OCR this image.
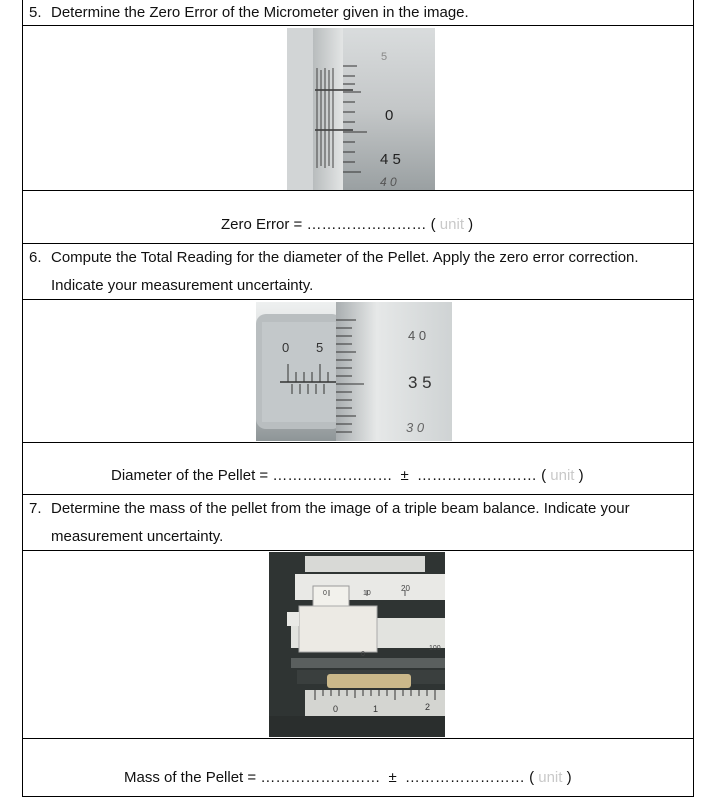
5. Determine the Zero Error of the Micrometer given in the image.
5
0
4 5
4 0
Zero Error = …………………… ( unit )
6. Compute the Total Reading for the diameter of the Pellet. Apply the zero error correction.
Indicate your measurement uncertainty.
0 5
4 0
3 5
3 0
Diameter of the Pellet = …………………… ± …………………… ( unit )
7. Determine the mass of the pellet from the image of a triple beam balance. Indicate your
measurement uncertainty.
0	10
20
0
100
0	1	2
Mass of the Pellet = …………………… ± …………………… ( unit )
